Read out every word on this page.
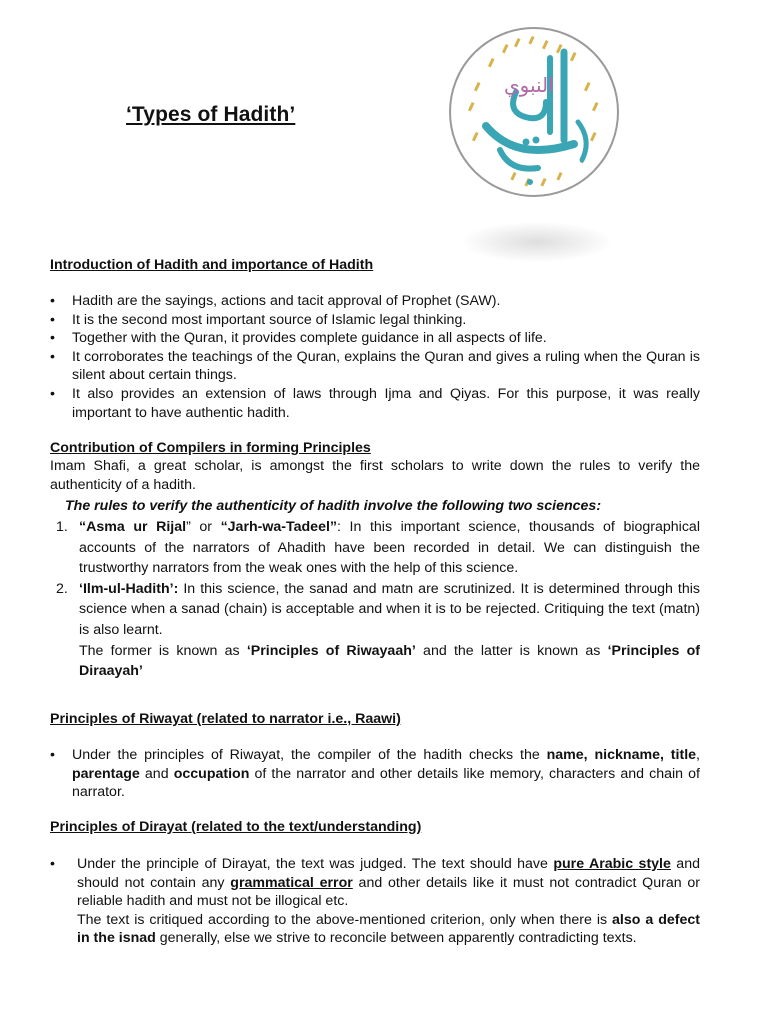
‘Types of Hadith’
النبوي
Introduction of Hadith and importance of Hadith
• Hadith are the sayings, actions and tacit approval of Prophet (SAW).
• It is the second most important source of Islamic legal thinking.
• Together with the Quran, it provides complete guidance in all aspects of life.
• It corroborates the teachings of the Quran, explains the Quran and gives a ruling when the Quran is silent about certain things.
• It also provides an extension of laws through Ijma and Qiyas. For this purpose, it was really important to have authentic hadith.
Contribution of Compilers in forming Principles
Imam Shafi, a great scholar, is amongst the first scholars to write down the rules to verify the authenticity of a hadith.
The rules to verify the authenticity of hadith involve the following two sciences:
1. “Asma ur Rijal” or “Jarh-wa-Tadeel”: In this important science, thousands of biographical accounts of the narrators of Ahadith have been recorded in detail. We can distinguish the trustworthy narrators from the weak ones with the help of this science.
2. ‘Ilm-ul-Hadith’: In this science, the sanad and matn are scrutinized. It is determined through this science when a sanad (chain) is acceptable and when it is to be rejected. Critiquing the text (matn) is also learnt.
The former is known as ‘Principles of Riwayaah’ and the latter is known as ‘Principles of Diraayah’
Principles of Riwayat (related to narrator i.e., Raawi)
• Under the principles of Riwayat, the compiler of the hadith checks the name, nickname, title, parentage and occupation of the narrator and other details like memory, characters and chain of narrator.
Principles of Dirayat (related to the text/understanding)
• Under the principle of Dirayat, the text was judged. The text should have pure Arabic style and should not contain any grammatical error and other details like it must not contradict Quran or reliable hadith and must not be illogical etc.
The text is critiqued according to the above-mentioned criterion, only when there is also a defect in the isnad generally, else we strive to reconcile between apparently contradicting texts.
